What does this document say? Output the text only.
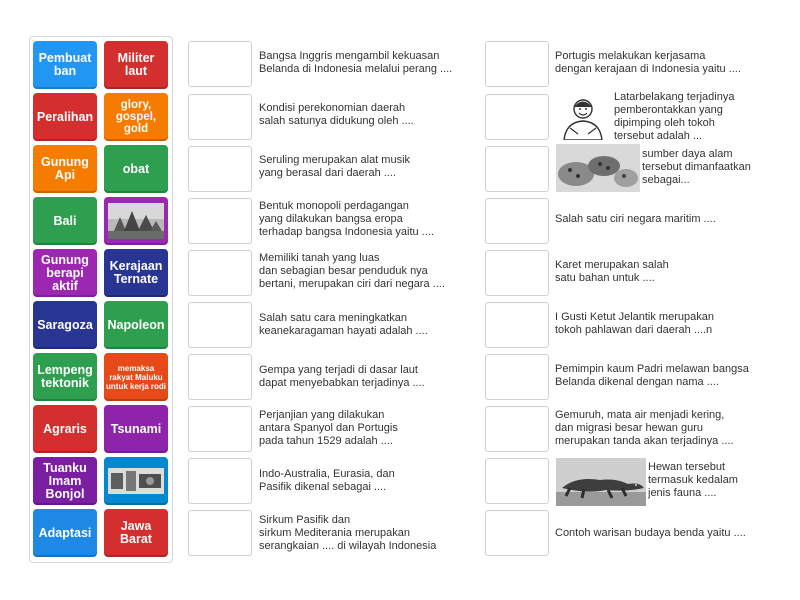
Pembuat ban
Militer laut
Peralihan
glory, gospel, gold
Gunung Api	obat
Bali
Gunung berapi aktif
Kerajaan Ternate
Saragoza Napoleon
Lempeng tektonik
memaksa rakyat Maluku untuk kerja rodi
Agraris Tsunami
Tuanku Imam Bonjol
Adaptasi	Jawa Barat
Bangsa Inggris mengambil kekuasan
Belanda di Indonesia melalui perang ....
Kondisi perekonomian daerah
salah satunya didukung oleh ....
Seruling merupakan alat musik
yang berasal dari daerah ....
Bentuk monopoli perdagangan
yang dilakukan bangsa eropa
terhadap bangsa Indonesia yaitu ....
Memiliki tanah yang luas
dan sebagian besar penduduk nya
bertani, merupakan ciri dari negara ....
Salah satu cara meningkatkan
keanekaragaman hayati adalah ....
Gempa yang terjadi di dasar laut
dapat menyebabkan terjadinya ....
Perjanjian yang dilakukan
antara Spanyol dan Portugis
pada tahun 1529 adalah ....
Indo-Australia, Eurasia, dan
Pasifik dikenal sebagai ....
Sirkum Pasifik dan
sirkum Mediterania merupakan
serangkaian .... di wilayah Indonesia
Portugis melakukan kerjasama
dengan kerajaan di Indonesia yaitu ....
Latarbelakang terjadinya
pemberontakkan yang
dipimping oleh tokoh
tersebut adalah ...
sumber daya alam
tersebut dimanfaatkan
sebagai...
Salah satu ciri negara maritim ....
Karet merupakan salah
satu bahan untuk ....
I Gusti Ketut Jelantik merupakan
tokoh pahlawan dari daerah ....n
Pemimpin kaum Padri melawan bangsa
Belanda dikenal dengan nama ....
Gemuruh, mata air menjadi kering,
dan migrasi besar hewan guru
merupakan tanda akan terjadinya ....
Hewan tersebut
termasuk kedalam
jenis fauna ....
Contoh warisan budaya benda yaitu ....
